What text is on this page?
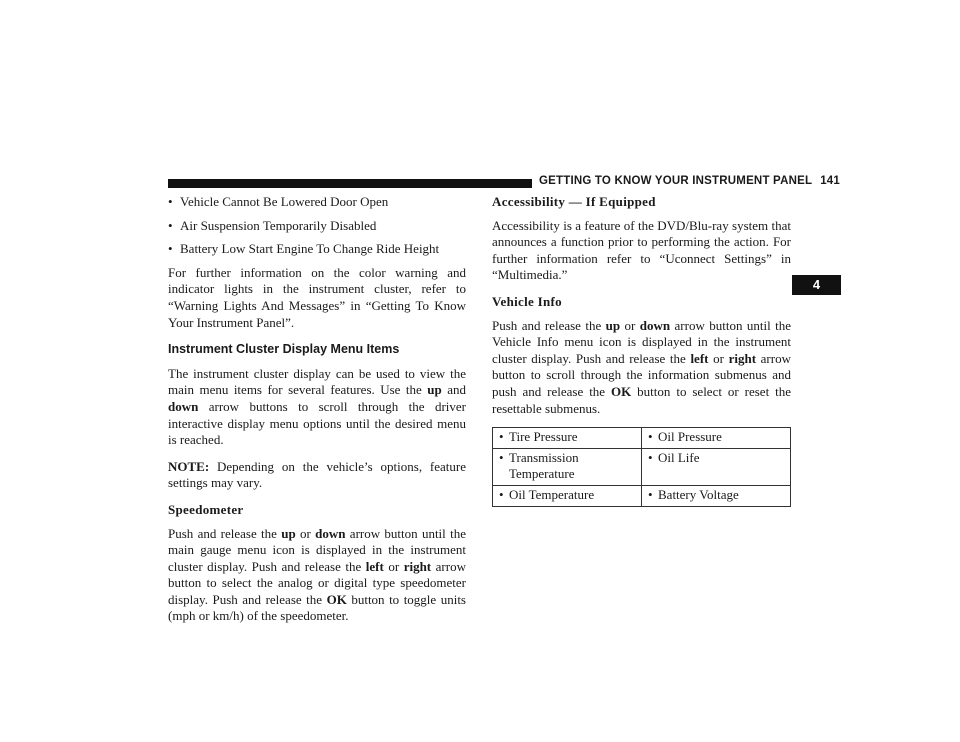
GETTING TO KNOW YOUR INSTRUMENT PANEL 141
4
• Vehicle Cannot Be Lowered Door Open
• Air Suspension Temporarily Disabled
• Battery Low Start Engine To Change Ride Height

For further information on the color warning and indicator lights in the instrument cluster, refer to “Warning Lights And Messages” in “Getting To Know Your Instrument Panel”.

Instrument Cluster Display Menu Items

The instrument cluster display can be used to view the main menu items for several features. Use the up and down arrow buttons to scroll through the driver interactive display menu options until the desired menu is reached.

NOTE: Depending on the vehicle’s options, feature settings may vary.

Speedometer

Push and release the up or down arrow button until the main gauge menu icon is displayed in the instrument cluster display. Push and release the left or right arrow button to select the analog or digital type speedometer display. Push and release the OK button to toggle units (mph or km/h) of the speedometer.

Accessibility — If Equipped

Accessibility is a feature of the DVD/Blu-ray system that announces a function prior to performing the action. For further information refer to “Uconnect Settings” in “Multimedia.”

Vehicle Info

Push and release the up or down arrow button until the Vehicle Info menu icon is displayed in the instrument cluster display. Push and release the left or right arrow button to scroll through the information submenus and push and release the OK button to select or reset the resettable submenus.

• Tire Pressure	• Oil Pressure

• Transmission Temperature	• Oil Life

• Oil Temperature	• Battery Voltage
